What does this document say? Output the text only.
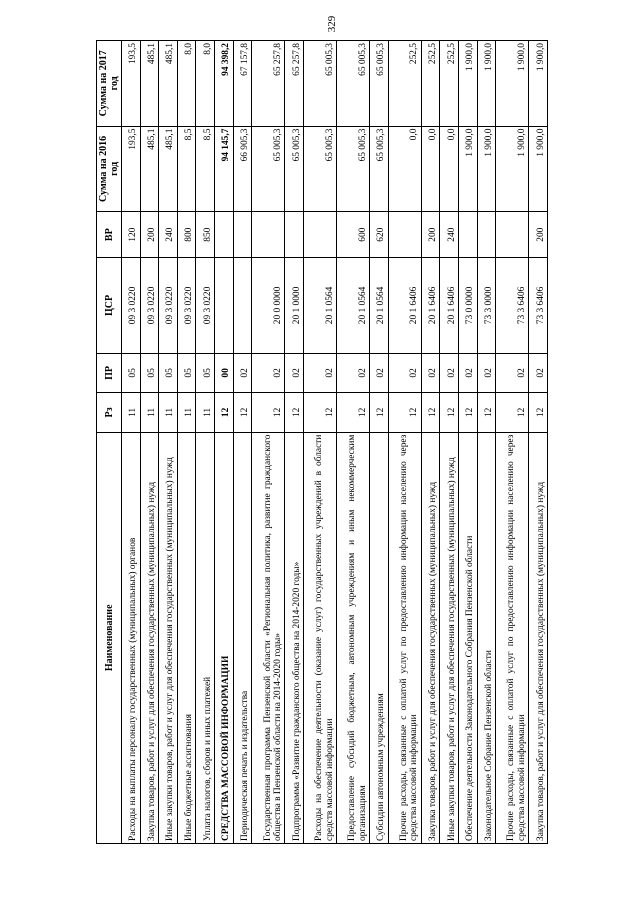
329
Наименование	Рз	ПР	ЦСР	ВР	Сумма на 2016 год	Сумма на 2017 год
Расходы на выплаты персоналу государственных (муниципальных) органов	11	05	09 3 0220	120	193,5	193,5
Закупка товаров, работ и услуг для обеспечения государственных (муниципальных) нужд	11	05	09 3 0220	200	485,1	485,1
Иные закупки товаров, работ и услуг для обеспечения государственных (муниципальных) нужд	11	05	09 3 0220	240	485,1	485,1
Иные бюджетные ассигнования	11	05	09 3 0220	800	8,5	8,0
Уплата налогов, сборов и иных платежей	11	05	09 3 0220	850	8,5	8,0
СРЕДСТВА МАССОВОЙ ИНФОРМАЦИИ	12	00			94 145,7	94 398,2
Периодическая печать и издательства	12	02			66 905,3	67 157,8
Государственная программа Пензенской области «Региональная политика, развитие гражданского общества в Пензенской области на 2014-2020 годы»	12	02	20 0 0000		65 005,3	65 257,8
Подпрограмма «Развитие гражданского общества на 2014-2020 годы»	12	02	20 1 0000		65 005,3	65 257,8
Расходы на обеспечение деятельности (оказание услуг) государственных учреждений в области средств массовой информации	12	02	20 1 0564		65 005,3	65 005,3
Предоставление субсидий бюджетным, автономным учреждениям и иным некоммерческим организациям	12	02	20 1 0564	600	65 005,3	65 005,3
Субсидии автономным учреждениям	12	02	20 1 0564	620	65 005,3	65 005,3
Прочие расходы, связанные с оплатой услуг по предоставлению информации населению через средства массовой информации	12	02	20 1 6406		0,0	252,5
Закупка товаров, работ и услуг для обеспечения государственных (муниципальных) нужд	12	02	20 1 6406	200	0,0	252,5
Иные закупки товаров, работ и услуг для обеспечения государственных (муниципальных) нужд	12	02	20 1 6406	240	0,0	252,5
Обеспечение деятельности Законодательного Собрания Пензенской области	12	02	73 0 0000		1 900,0	1 900,0
Законодательное Собрание Пензенской области	12	02	73 3 0000		1 900,0	1 900,0
Прочие расходы, связанные с оплатой услуг по предоставлению информации населению через средства массовой информации	12	02	73 3 6406		1 900,0	1 900,0
Закупка товаров, работ и услуг для обеспечения государственных (муниципальных) нужд	12	02	73 3 6406	200	1 900,0	1 900,0
